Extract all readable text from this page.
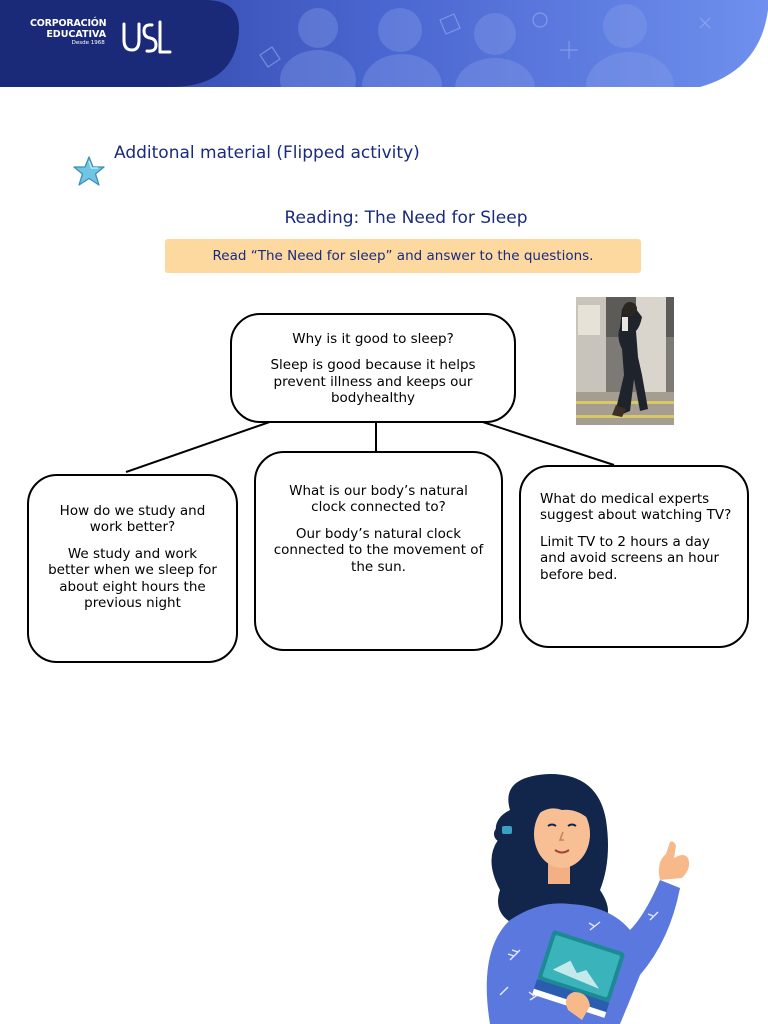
CORPORACIÓN
EDUCATIVA
Desde 1968
Additonal material (Flipped activity)
Reading: The Need for Sleep
Read “The Need for sleep” and answer to the questions.

Why is it good to sleep?

Sleep is good because it helps prevent illness and keeps our bodyhealthy

How do we study and work better?

We study and work better when we sleep for about eight hours the previous night

What is our body’s natural clock connected to?

Our body’s natural clock connected to the movement of the sun.

What do medical experts suggest about watching TV?

Limit TV to 2 hours a day and avoid screens an hour before bed.
